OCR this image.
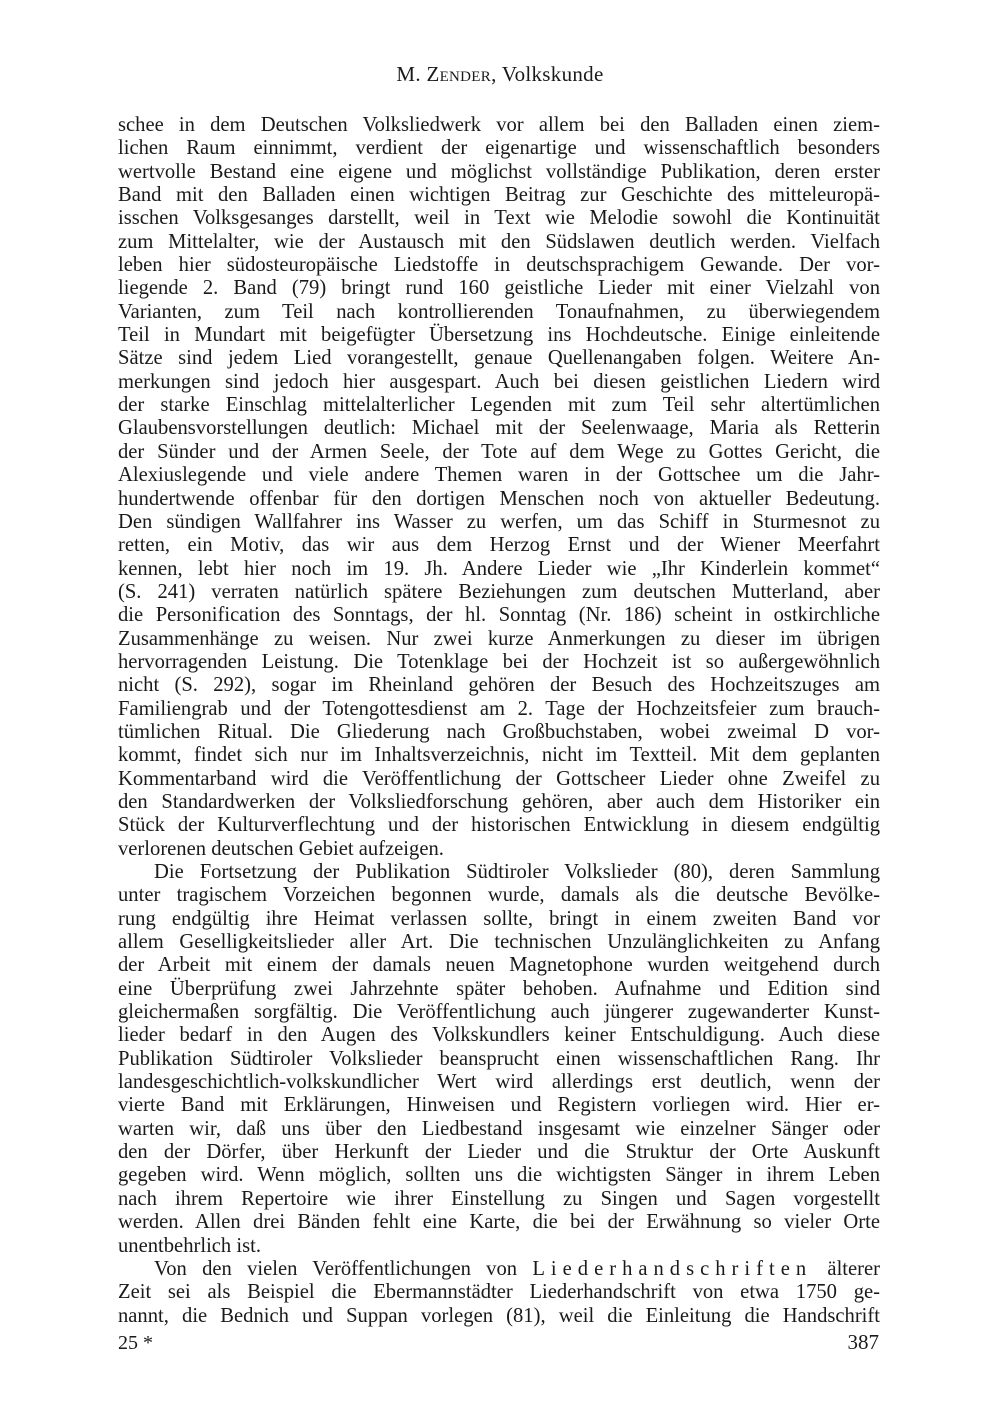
M. Zender, Volkskunde
schee in dem Deutschen Volksliedwerk vor allem bei den Balladen einen ziem-
lichen Raum einnimmt, verdient der eigenartige und wissenschaftlich besonders
wertvolle Bestand eine eigene und möglichst vollständige Publikation, deren erster
Band mit den Balladen einen wichtigen Beitrag zur Geschichte des mitteleuropä-
isschen Volksgesanges darstellt, weil in Text wie Melodie sowohl die Kontinuität
zum Mittelalter, wie der Austausch mit den Südslawen deutlich werden. Vielfach
leben hier südosteuropäische Liedstoffe in deutschsprachigem Gewande. Der vor-
liegende 2. Band (79) bringt rund 160 geistliche Lieder mit einer Vielzahl von
Varianten, zum Teil nach kontrollierenden Tonaufnahmen, zu überwiegendem
Teil in Mundart mit beigefügter Übersetzung ins Hochdeutsche. Einige einleitende
Sätze sind jedem Lied vorangestellt, genaue Quellenangaben folgen. Weitere An-
merkungen sind jedoch hier ausgespart. Auch bei diesen geistlichen Liedern wird
der starke Einschlag mittelalterlicher Legenden mit zum Teil sehr altertümlichen
Glaubensvorstellungen deutlich: Michael mit der Seelenwaage, Maria als Retterin
der Sünder und der Armen Seele, der Tote auf dem Wege zu Gottes Gericht, die
Alexiuslegende und viele andere Themen waren in der Gottschee um die Jahr-
hundertwende offenbar für den dortigen Menschen noch von aktueller Bedeutung.
Den sündigen Wallfahrer ins Wasser zu werfen, um das Schiff in Sturmesnot zu
retten, ein Motiv, das wir aus dem Herzog Ernst und der Wiener Meerfahrt
kennen, lebt hier noch im 19. Jh. Andere Lieder wie „Ihr Kinderlein kommet“
(S. 241) verraten natürlich spätere Beziehungen zum deutschen Mutterland, aber
die Personification des Sonntags, der hl. Sonntag (Nr. 186) scheint in ostkirchliche
Zusammenhänge zu weisen. Nur zwei kurze Anmerkungen zu dieser im übrigen
hervorragenden Leistung. Die Totenklage bei der Hochzeit ist so außergewöhnlich
nicht (S. 292), sogar im Rheinland gehören der Besuch des Hochzeitszuges am
Familiengrab und der Totengottesdienst am 2. Tage der Hochzeitsfeier zum brauch-
tümlichen Ritual. Die Gliederung nach Großbuchstaben, wobei zweimal D vor-
kommt, findet sich nur im Inhaltsverzeichnis, nicht im Textteil. Mit dem geplanten
Kommentarband wird die Veröffentlichung der Gottscheer Lieder ohne Zweifel zu
den Standardwerken der Volksliedforschung gehören, aber auch dem Historiker ein
Stück der Kulturverflechtung und der historischen Entwicklung in diesem endgültig
verlorenen deutschen Gebiet aufzeigen.
Die Fortsetzung der Publikation Südtiroler Volkslieder (80), deren Sammlung
unter tragischem Vorzeichen begonnen wurde, damals als die deutsche Bevölke-
rung endgültig ihre Heimat verlassen sollte, bringt in einem zweiten Band vor
allem Geselligkeitslieder aller Art. Die technischen Unzulänglichkeiten zu Anfang
der Arbeit mit einem der damals neuen Magnetophone wurden weitgehend durch
eine Überprüfung zwei Jahrzehnte später behoben. Aufnahme und Edition sind
gleichermaßen sorgfältig. Die Veröffentlichung auch jüngerer zugewanderter Kunst-
lieder bedarf in den Augen des Volkskundlers keiner Entschuldigung. Auch diese
Publikation Südtiroler Volkslieder beansprucht einen wissenschaftlichen Rang. Ihr
landesgeschichtlich-volkskundlicher Wert wird allerdings erst deutlich, wenn der
vierte Band mit Erklärungen, Hinweisen und Registern vorliegen wird. Hier er-
warten wir, daß uns über den Liedbestand insgesamt wie einzelner Sänger oder
den der Dörfer, über Herkunft der Lieder und die Struktur der Orte Auskunft
gegeben wird. Wenn möglich, sollten uns die wichtigsten Sänger in ihrem Leben
nach ihrem Repertoire wie ihrer Einstellung zu Singen und Sagen vorgestellt
werden. Allen drei Bänden fehlt eine Karte, die bei der Erwähnung so vieler Orte
unentbehrlich ist.
Von den vielen Veröffentlichungen von Liederhandschriften älterer
Zeit sei als Beispiel die Ebermannstädter Liederhandschrift von etwa 1750 ge-
nannt, die Bednich und Suppan vorlegen (81), weil die Einleitung die Handschrift
25 *	387
